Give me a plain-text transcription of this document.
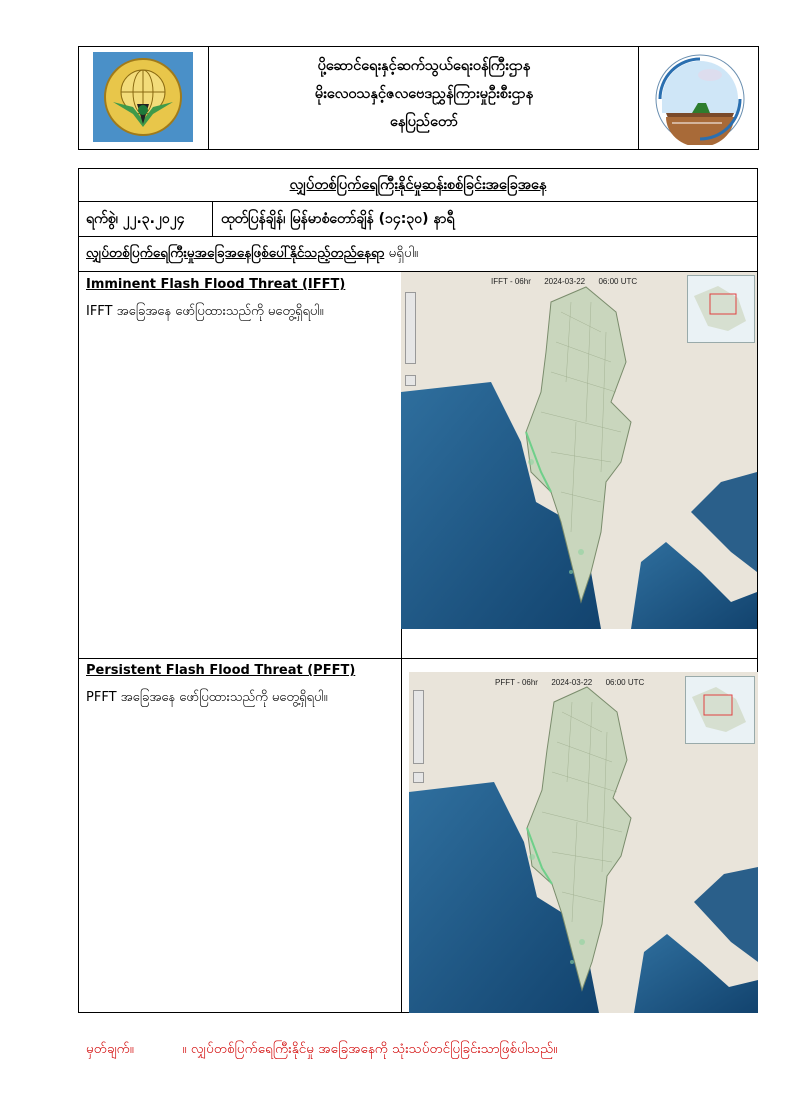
ပို့ဆောင်ရေးနှင့်ဆက်သွယ်ရေးဝန်ကြီးဌာန
မိုးလေဝသနှင့်ဇလဗေဒညွှန်ကြားမှုဦးစီးဌာန
နေပြည်တော်
လျှပ်တစ်ပြက်ရေကြီးနိုင်မှုဆန်းစစ်ခြင်းအခြေအနေ
ရက်စွဲ၊ ၂၂.၃.၂၀၂၄	ထုတ်ပြန်ချိန်၊ မြန်မာစံတော်ချိန် (၁၄:၃၀) နာရီ
လျှပ်တစ်ပြက်ရေကြီးမှုအခြေအနေဖြစ်ပေါ်နိုင်သည့်တည်နေရာ မရှိပါ။
Imminent Flash Flood Threat (IFFT)
IFFT အခြေအနေ ဖော်ပြထားသည်ကို မတွေ့ရှိရပါ။
Persistent Flash Flood Threat (PFFT)
PFFT အခြေအနေ ဖော်ပြထားသည်ကို မတွေ့ရှိရပါ။
IFFT - 06hr 2024-03-22 06:00 UTC
PFFT - 06hr 2024-03-22 06:00 UTC
မှတ်ချက်။	။ လျှပ်တစ်ပြက်ရေကြီးနိုင်မှု အခြေအနေကို သုံးသပ်တင်ပြခြင်းသာဖြစ်ပါသည်။
